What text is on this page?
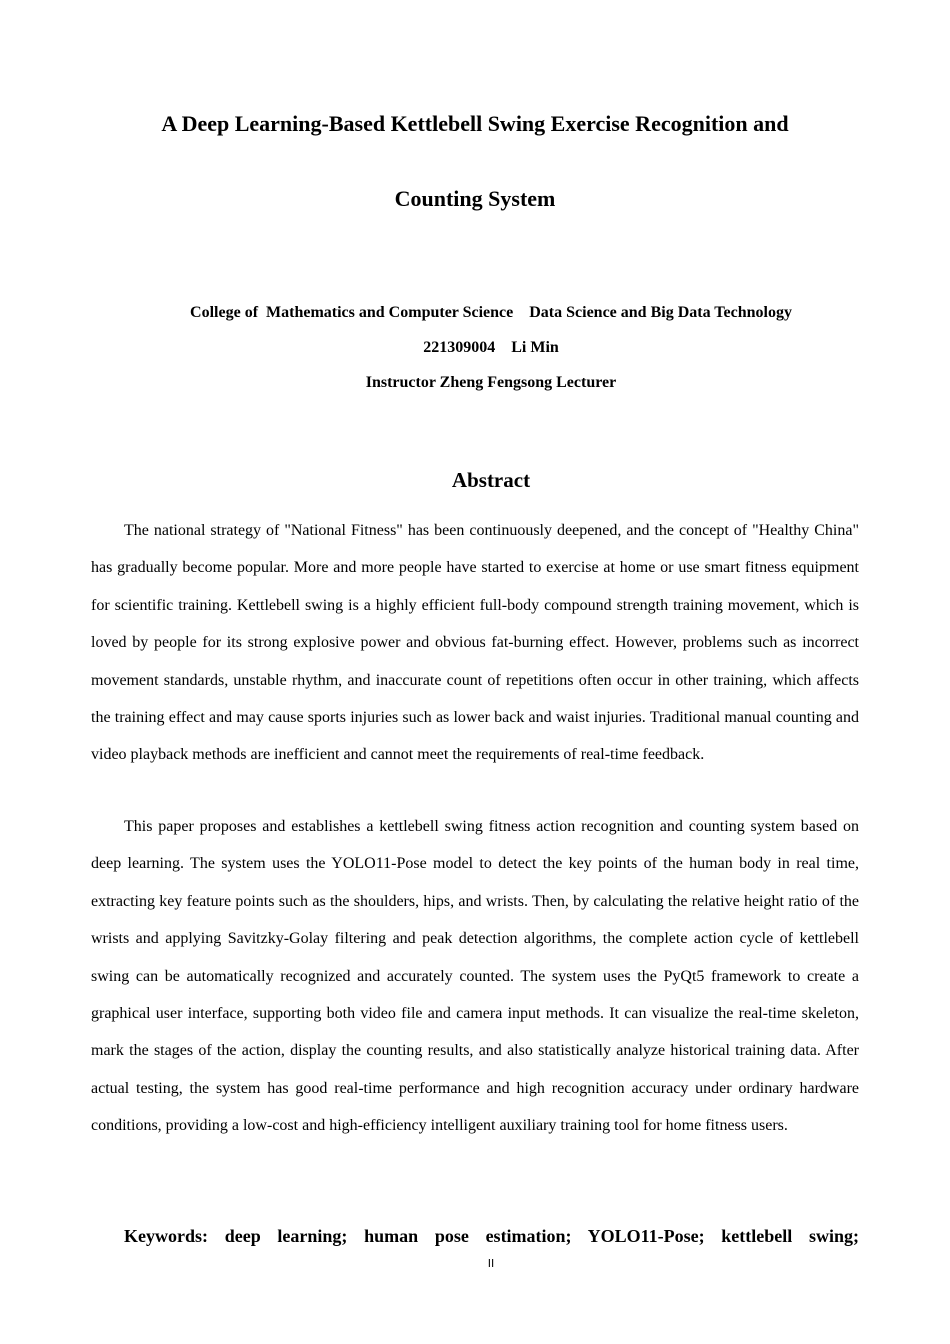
A Deep Learning-Based Kettlebell Swing Exercise Recognition and
Counting System
College of  Mathematics and Computer Science    Data Science and Big Data Technology
221309004    Li Min
Instructor Zheng Fengsong Lecturer
Abstract

The national strategy of "National Fitness" has been continuously deepened, and the concept of "Healthy China" has gradually become popular. More and more people have started to exercise at home or use smart fitness equipment for scientific training. Kettlebell swing is a highly efficient full-body compound strength training movement, which is loved by people for its strong explosive power and obvious fat-burning effect. However, problems such as incorrect movement standards, unstable rhythm, and inaccurate count of repetitions often occur in other training, which affects the training effect and may cause sports injuries such as lower back and waist injuries. Traditional manual counting and video playback methods are inefficient and cannot meet the requirements of real-time feedback.

This paper proposes and establishes a kettlebell swing fitness action recognition and counting system based on deep learning. The system uses the YOLO11-Pose model to detect the key points of the human body in real time, extracting key feature points such as the shoulders, hips, and wrists. Then, by calculating the relative height ratio of the wrists and applying Savitzky-Golay filtering and peak detection algorithms, the complete action cycle of kettlebell swing can be automatically recognized and accurately counted. The system uses the PyQt5 framework to create a graphical user interface, supporting both video file and camera input methods. It can visualize the real-time skeleton, mark the stages of the action, display the counting results, and also statistically analyze historical training data. After actual testing, the system has good real-time performance and high recognition accuracy under ordinary hardware conditions, providing a low-cost and high-efficiency intelligent auxiliary training tool for home fitness users.

Keywords: deep learning; human pose estimation; YOLO11-Pose; kettlebell swing;

II
